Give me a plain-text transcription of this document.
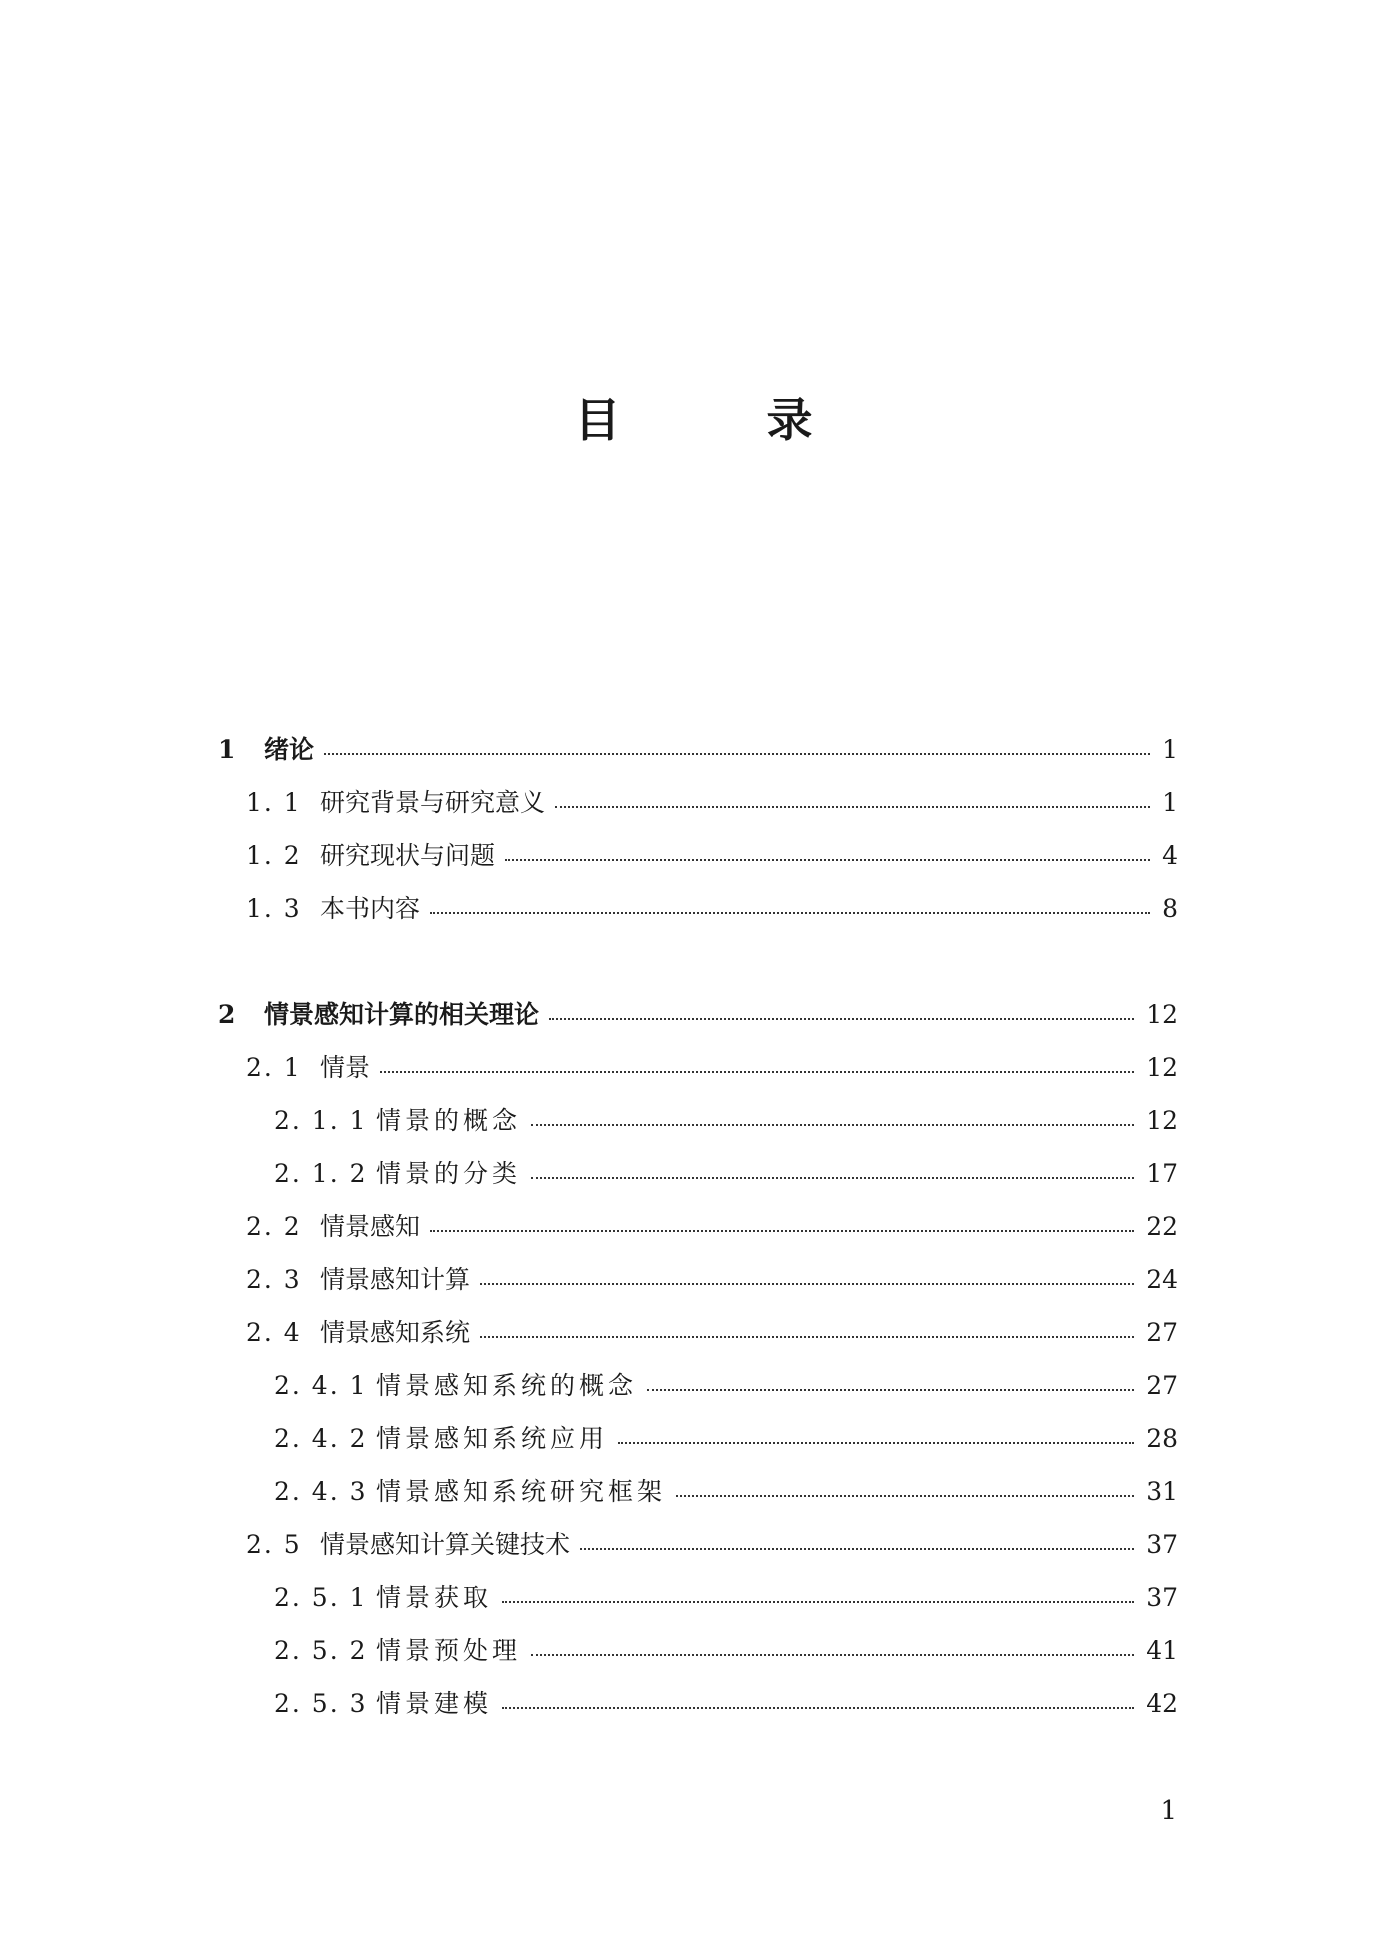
目　录
1	绪论	1
1. 1 研究背景与研究意义	1
1. 2 研究现状与问题	4
1. 3 本书内容	8
2	情景感知计算的相关理论	12
2. 1 情景	12
2. 1. 1 情景的概念	12
2. 1. 2 情景的分类	17
2. 2 情景感知	22
2. 3 情景感知计算	24
2. 4 情景感知系统	27
2. 4. 1 情景感知系统的概念	27
2. 4. 2 情景感知系统应用	28
2. 4. 3 情景感知系统研究框架	31
2. 5 情景感知计算关键技术	37
2. 5. 1 情景获取	37
2. 5. 2 情景预处理	41
2. 5. 3 情景建模	42
1
